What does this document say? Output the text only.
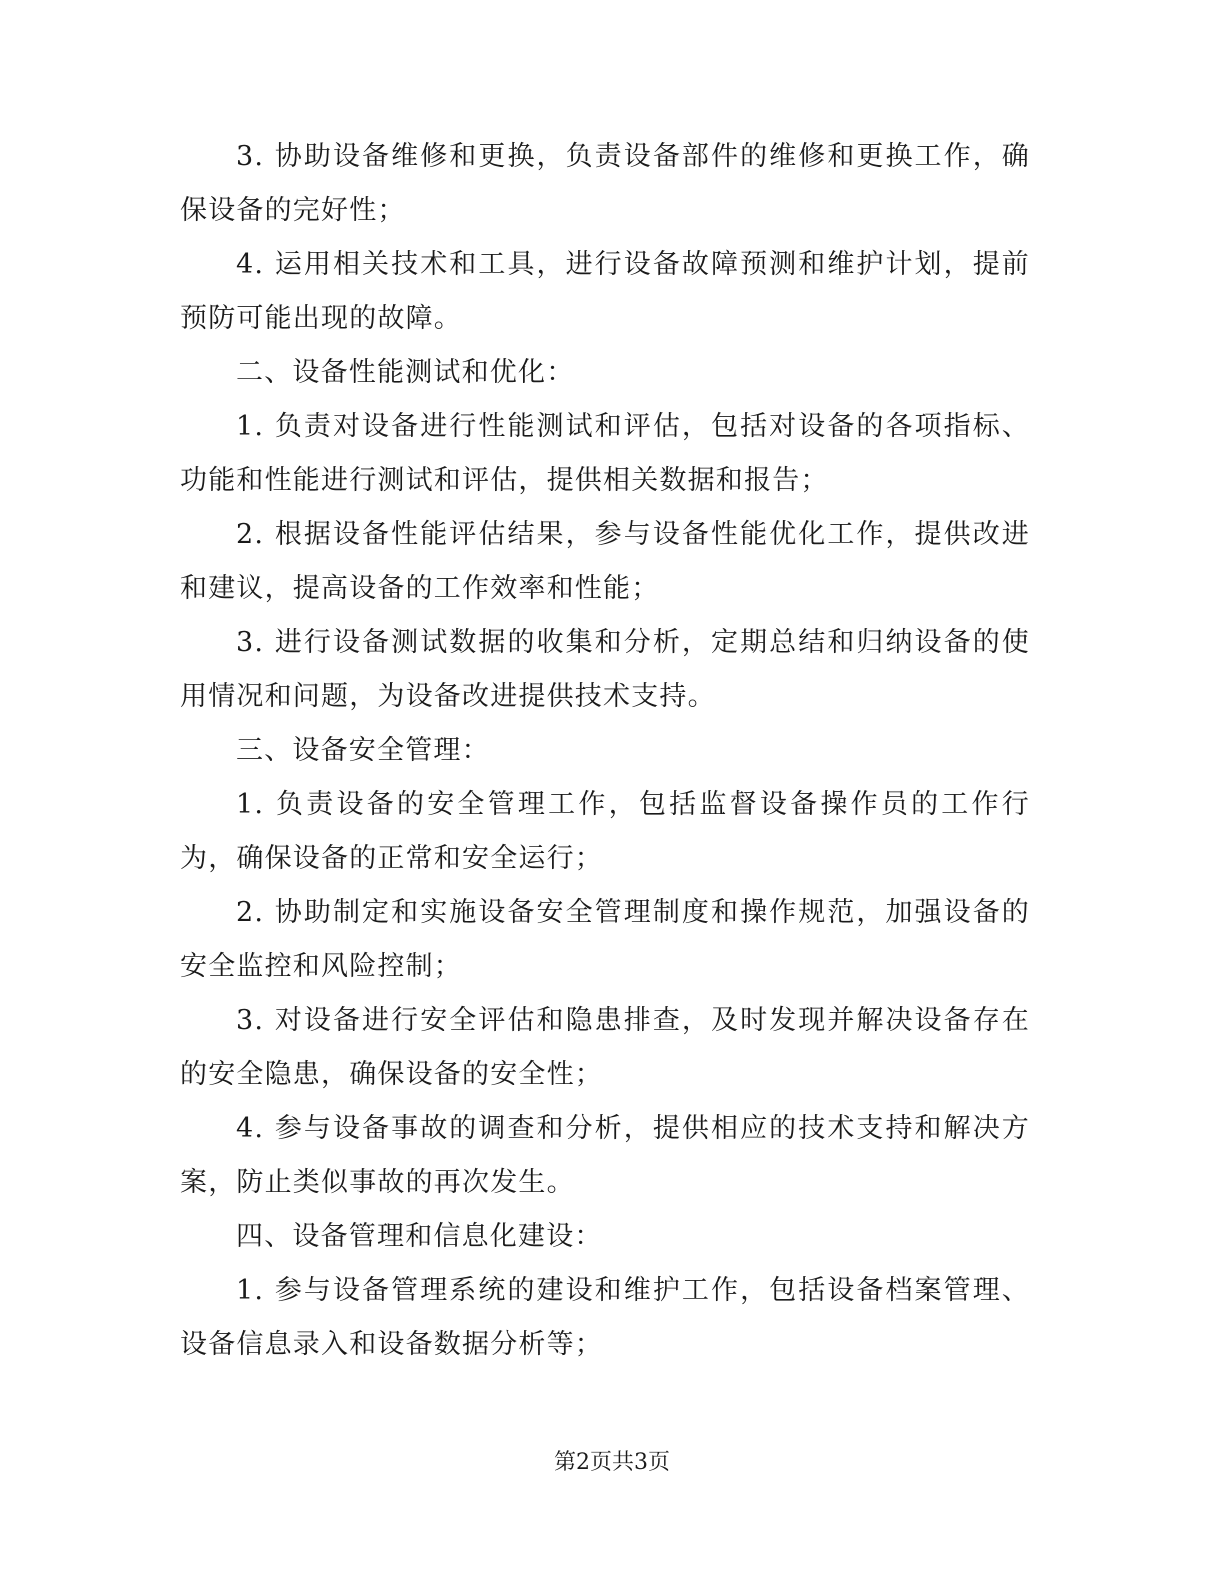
3. 协助设备维修和更换，负责设备部件的维修和更换工作，确保设备的完好性；

4. 运用相关技术和工具，进行设备故障预测和维护计划，提前预防可能出现的故障。

二、设备性能测试和优化：

1. 负责对设备进行性能测试和评估，包括对设备的各项指标、功能和性能进行测试和评估，提供相关数据和报告；

2. 根据设备性能评估结果，参与设备性能优化工作，提供改进和建议，提高设备的工作效率和性能；

3. 进行设备测试数据的收集和分析，定期总结和归纳设备的使用情况和问题，为设备改进提供技术支持。

三、设备安全管理：

1. 负责设备的安全管理工作，包括监督设备操作员的工作行为，确保设备的正常和安全运行；

2. 协助制定和实施设备安全管理制度和操作规范，加强设备的安全监控和风险控制；

3. 对设备进行安全评估和隐患排查，及时发现并解决设备存在的安全隐患，确保设备的安全性；

4. 参与设备事故的调查和分析，提供相应的技术支持和解决方案，防止类似事故的再次发生。

四、设备管理和信息化建设：

1. 参与设备管理系统的建设和维护工作，包括设备档案管理、设备信息录入和设备数据分析等；

第2页共3页
